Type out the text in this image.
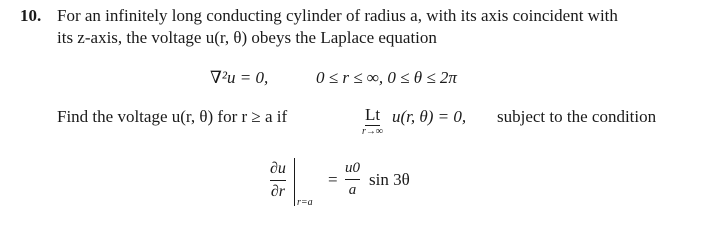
10. For an infinitely long conducting cylinder of radius a, with its axis coincident with
its z-axis, the voltage u(r, θ) obeys the Laplace equation
∇²u = 0,	0 ≤ r ≤ ∞, 0 ≤ θ ≤ 2π
Find the voltage u(r, θ) for r ≥ a if	Lt
r→∞
u(r, θ) = 0, subject to the condition
∂u
∂r
r=a
=
u0
a
sin 3θ
